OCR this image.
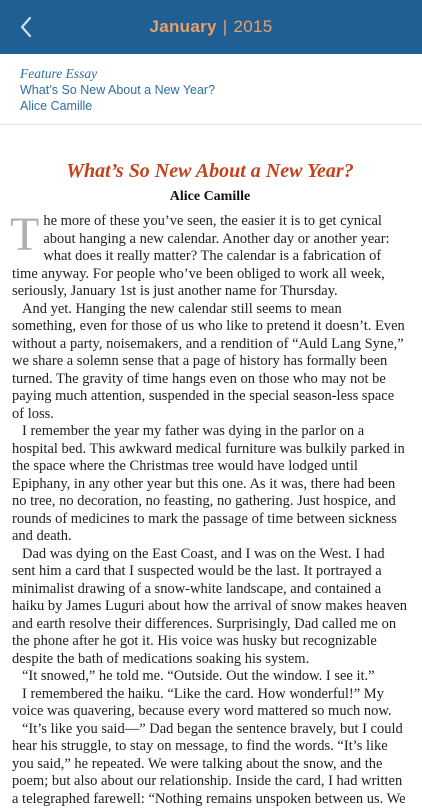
January | 2015
Feature Essay
What’s So New About a New Year?
Alice Camille
What’s So New About a New Year?
Alice Camille

The more of these you’ve seen, the easier it is to get cynical about hanging a new calendar. Another day or another year: what does it really matter? The calendar is a fabrication of time anyway. For people who’ve been obliged to work all week, seriously, January 1st is just another name for Thursday.

And yet. Hanging the new calendar still seems to mean something, even for those of us who like to pretend it doesn’t. Even without a party, noisemakers, and a rendition of “Auld Lang Syne,” we share a solemn sense that a page of history has formally been turned. The gravity of time hangs even on those who may not be paying much attention, suspended in the special season-less space of loss.

I remember the year my father was dying in the parlor on a hospital bed. This awkward medical furniture was bulkily parked in the space where the Christmas tree would have lodged until Epiphany, in any other year but this one. As it was, there had been no tree, no decoration, no feasting, no gathering. Just hospice, and rounds of medicines to mark the passage of time between sickness and death.

Dad was dying on the East Coast, and I was on the West. I had sent him a card that I suspected would be the last. It portrayed a minimalist drawing of a snow-white landscape, and contained a haiku by James Luguri about how the arrival of snow makes heaven and earth resolve their differences. Surprisingly, Dad called me on the phone after he got it. His voice was husky but recognizable despite the bath of medications soaking his system.

“It snowed,” he told me. “Outside. Out the window. I see it.”

I remembered the haiku. “Like the card. How wonderful!” My voice was quavering, because every word mattered so much now.

“It’s like you said—” Dad began the sentence bravely, but I could hear his struggle, to stay on message, to find the words. “It’s like you said,” he repeated. We were talking about the snow, and the poem; but also about our relationship. Inside the card, I had written a telegraphed farewell: “Nothing remains unspoken between us. We
